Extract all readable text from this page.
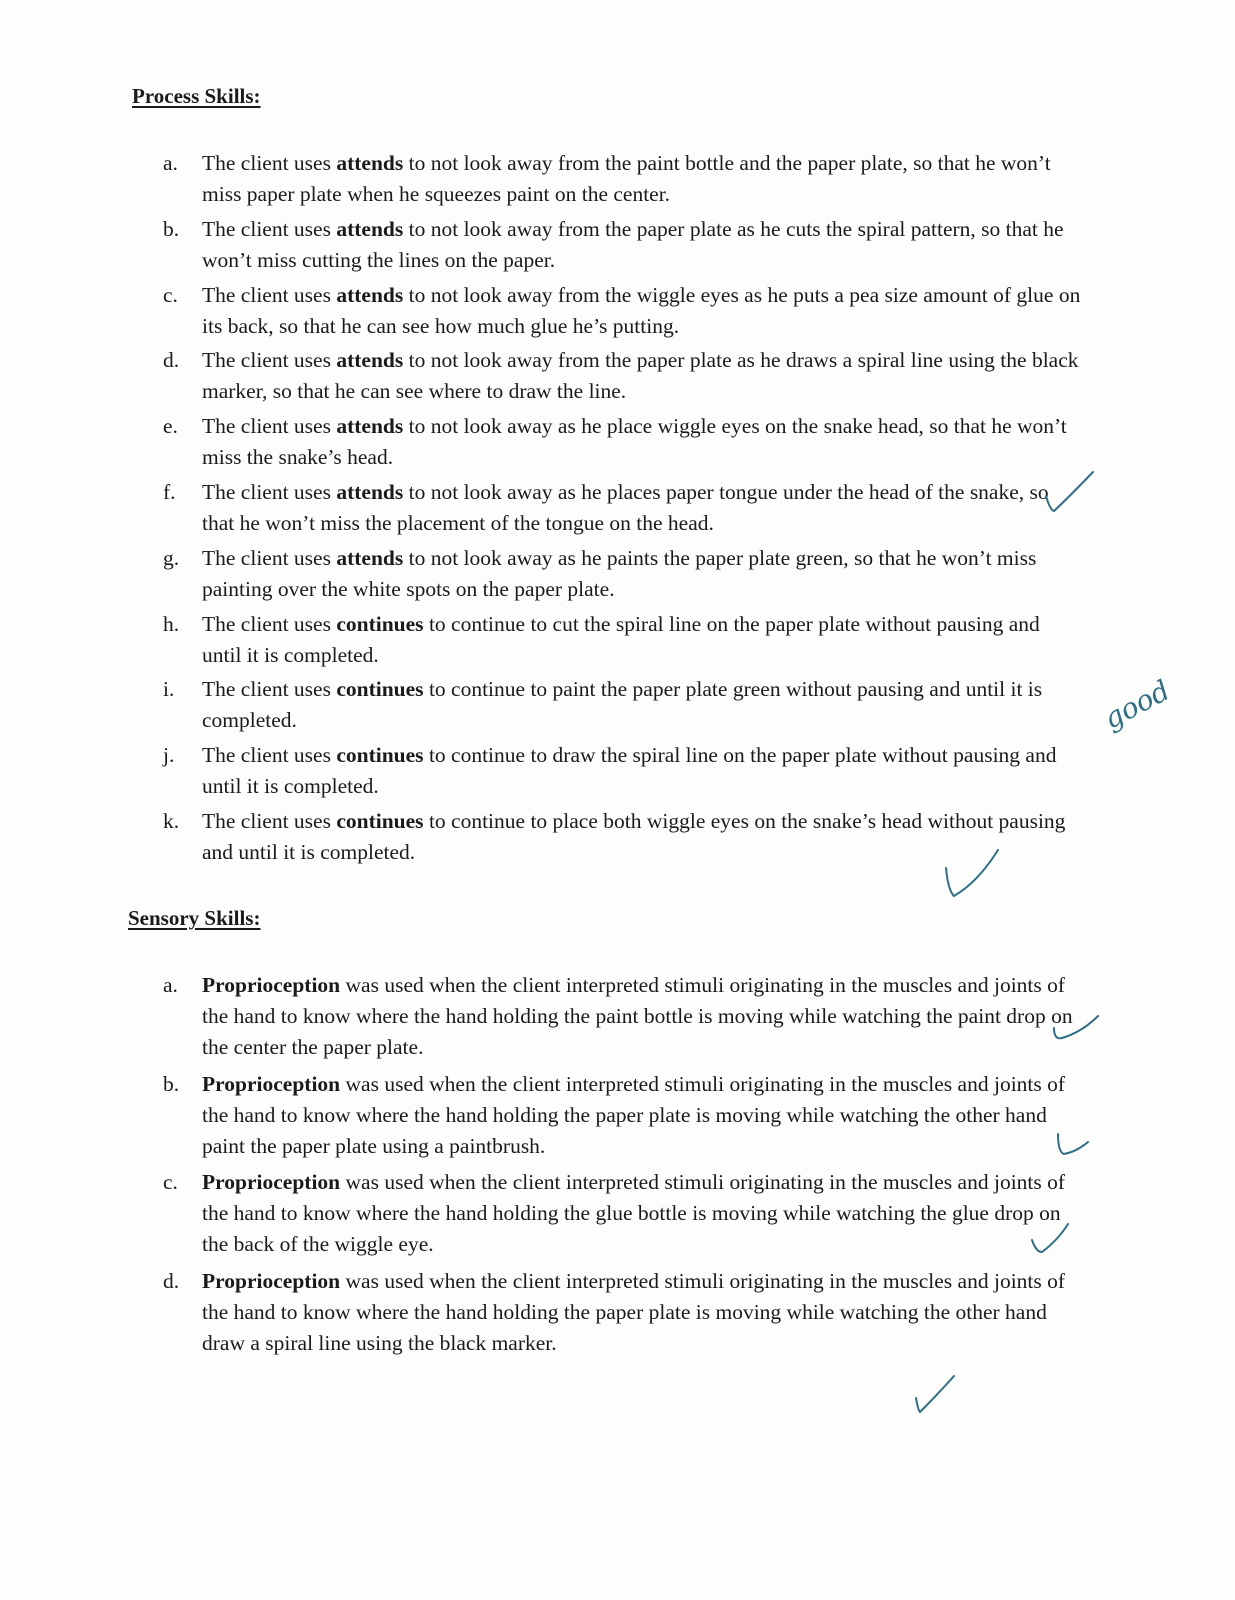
Process Skills:
a. The client uses attends to not look away from the paint bottle and the paper plate, so that he won’t miss paper plate when he squeezes paint on the center.
b. The client uses attends to not look away from the paper plate as he cuts the spiral pattern, so that he won’t miss cutting the lines on the paper.
c. The client uses attends to not look away from the wiggle eyes as he puts a pea size amount of glue on its back, so that he can see how much glue he’s putting.
d. The client uses attends to not look away from the paper plate as he draws a spiral line using the black marker, so that he can see where to draw the line.
e. The client uses attends to not look away as he place wiggle eyes on the snake head, so that he won’t miss the snake’s head.
f. The client uses attends to not look away as he places paper tongue under the head of the snake, so that he won’t miss the placement of the tongue on the head.
g. The client uses attends to not look away as he paints the paper plate green, so that he won’t miss painting over the white spots on the paper plate.
h. The client uses continues to continue to cut the spiral line on the paper plate without pausing and until it is completed.
i. The client uses continues to continue to paint the paper plate green without pausing and until it is completed.
j. The client uses continues to continue to draw the spiral line on the paper plate without pausing and until it is completed.
k. The client uses continues to continue to place both wiggle eyes on the snake’s head without pausing and until it is completed.
Sensory Skills:
a. Proprioception was used when the client interpreted stimuli originating in the muscles and joints of the hand to know where the hand holding the paint bottle is moving while watching the paint drop on the center the paper plate.
b. Proprioception was used when the client interpreted stimuli originating in the muscles and joints of the hand to know where the hand holding the paper plate is moving while watching the other hand paint the paper plate using a paintbrush.
c. Proprioception was used when the client interpreted stimuli originating in the muscles and joints of the hand to know where the hand holding the glue bottle is moving while watching the glue drop on the back of the wiggle eye.
d. Proprioception was used when the client interpreted stimuli originating in the muscles and joints of the hand to know where the hand holding the paper plate is moving while watching the other hand draw a spiral line using the black marker.
good
